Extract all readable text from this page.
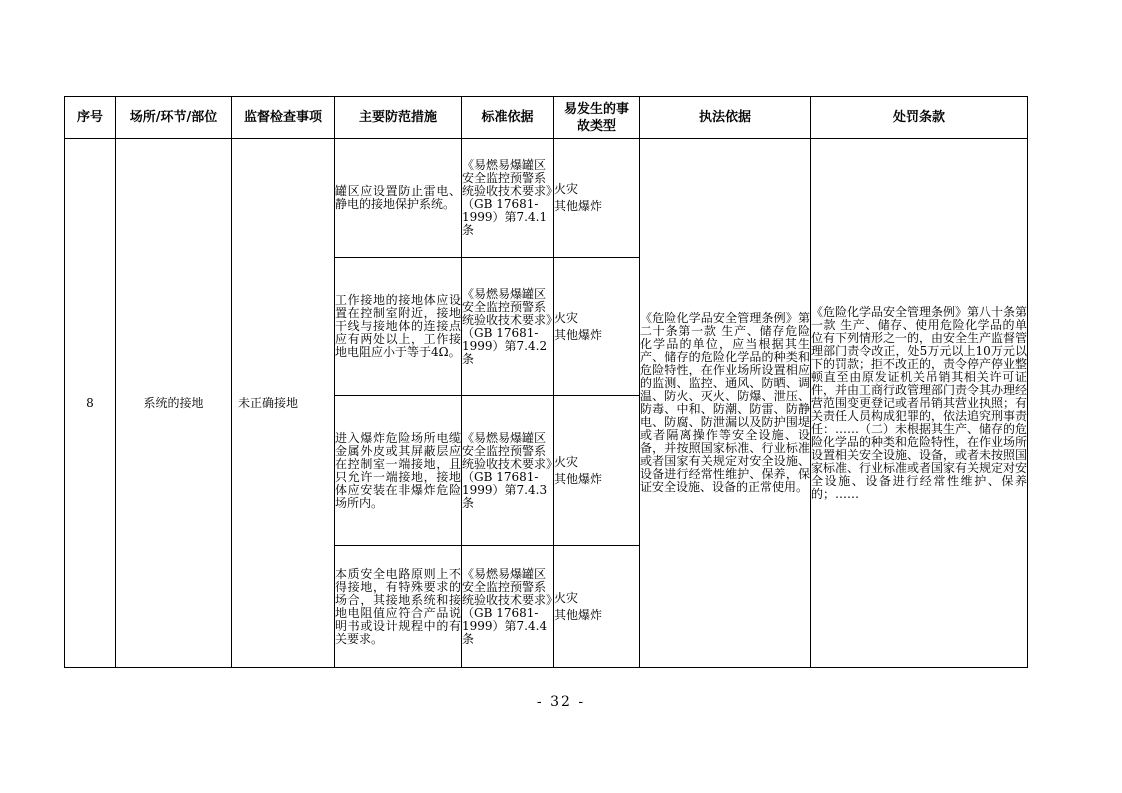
序号	场所/环节/部位	监督检查事项	主要防范措施	标准依据	易发生的事故类型	执法依据	处罚条款
8	系统的接地	未正确接地	罐区应设置防止雷电、静电的接地保护系统。	《易燃易爆罐区安全监控预警系统验收技术要求》（GB 17681-1999）第7.4.1条	火灾
其他爆炸	《危险化学品安全管理条例》第二十条第一款 生产、储存危险化学品的单位，应当根据其生产、储存的危险化学品的种类和危险特性，在作业场所设置相应的监测、监控、通风、防晒、调温、防火、灭火、防爆、泄压、防毒、中和、防潮、防雷、防静电、防腐、防泄漏以及防护围堤或者隔离操作等安全设施、设备，并按照国家标准、行业标准或者国家有关规定对安全设施、设备进行经常性维护、保养，保证安全设施、设备的正常使用。	《危险化学品安全管理条例》第八十条第一款 生产、储存、使用危险化学品的单位有下列情形之一的，由安全生产监督管理部门责令改正，处5万元以上10万元以下的罚款；拒不改正的，责令停产停业整顿直至由原发证机关吊销其相关许可证件，并由工商行政管理部门责令其办理经营范围变更登记或者吊销其营业执照；有关责任人员构成犯罪的，依法追究刑事责任：……（二）未根据其生产、储存的危险化学品的种类和危险特性，在作业场所设置相关安全设施、设备，或者未按照国家标准、行业标准或者国家有关规定对安全设施、设备进行经常性维护、保养的；……
			工作接地的接地体应设置在控制室附近，接地干线与接地体的连接点应有两处以上，工作接地电阻应小于等于4Ω。	《易燃易爆罐区安全监控预警系统验收技术要求》（GB 17681-1999）第7.4.2条	火灾
其他爆炸		

			进入爆炸危险场所电缆金属外皮或其屏蔽层应在控制室一端接地，且只允许一端接地，接地体应安装在非爆炸危险场所内。	《易燃易爆罐区安全监控预警系统验收技术要求》（GB 17681-1999）第7.4.3条	火灾
其他爆炸		

			本质安全电路原则上不得接地，有特殊要求的场合，其接地系统和接地电阻值应符合产品说明书或设计规程中的有关要求。	《易燃易爆罐区安全监控预警系统验收技术要求》（GB 17681-1999）第7.4.4条	火灾
其他爆炸		
- 32 -
